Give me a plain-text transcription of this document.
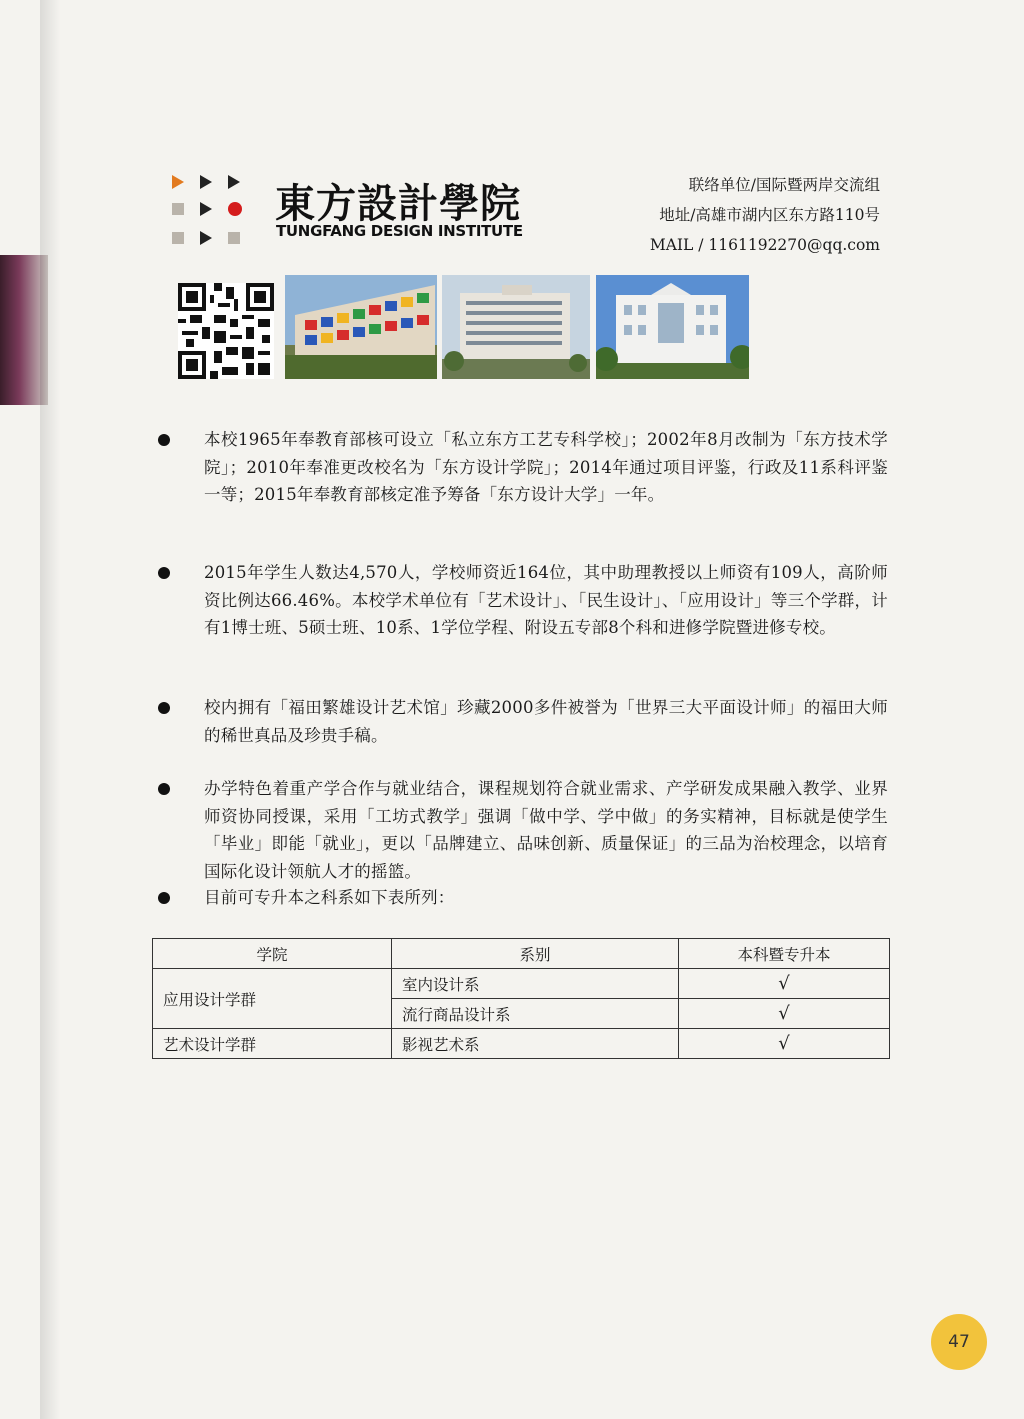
東方設計學院
TUNGFANG DESIGN INSTITUTE
联络单位/国际暨两岸交流组
地址/高雄市湖内区东方路110号
MAIL / 1161192270@qq.com
本校1965年奉教育部核可设立「私立东方工艺专科学校」；2002年8月改制为「东方技术学院」；2010年奉准更改校名为「东方设计学院」；2014年通过项目评鉴，行政及11系科评鉴一等；2015年奉教育部核定准予筹备「东方设计大学」一年。
2015年学生人数达4,570人，学校师资近164位，其中助理教授以上师资有109人，高阶师资比例达66.46%。本校学术单位有「艺术设计」、「民生设计」、「应用设计」等三个学群，计有1博士班、5硕士班、10系、1学位学程、附设五专部8个科和进修学院暨进修专校。
校内拥有「福田繁雄设计艺术馆」珍藏2000多件被誉为「世界三大平面设计师」的福田大师的稀世真品及珍贵手稿。
办学特色着重产学合作与就业结合，课程规划符合就业需求、产学研发成果融入教学、业界师资协同授课，采用「工坊式教学」强调「做中学、学中做」的务实精神，目标就是使学生「毕业」即能「就业」，更以「品牌建立、品味创新、质量保证」的三品为治校理念，以培育国际化设计领航人才的摇篮。
目前可专升本之科系如下表所列：
学院	系别	本科暨专升本
应用设计学群	室内设计系	√
	流行商品设计系	√
艺术设计学群	影视艺术系	√
47
